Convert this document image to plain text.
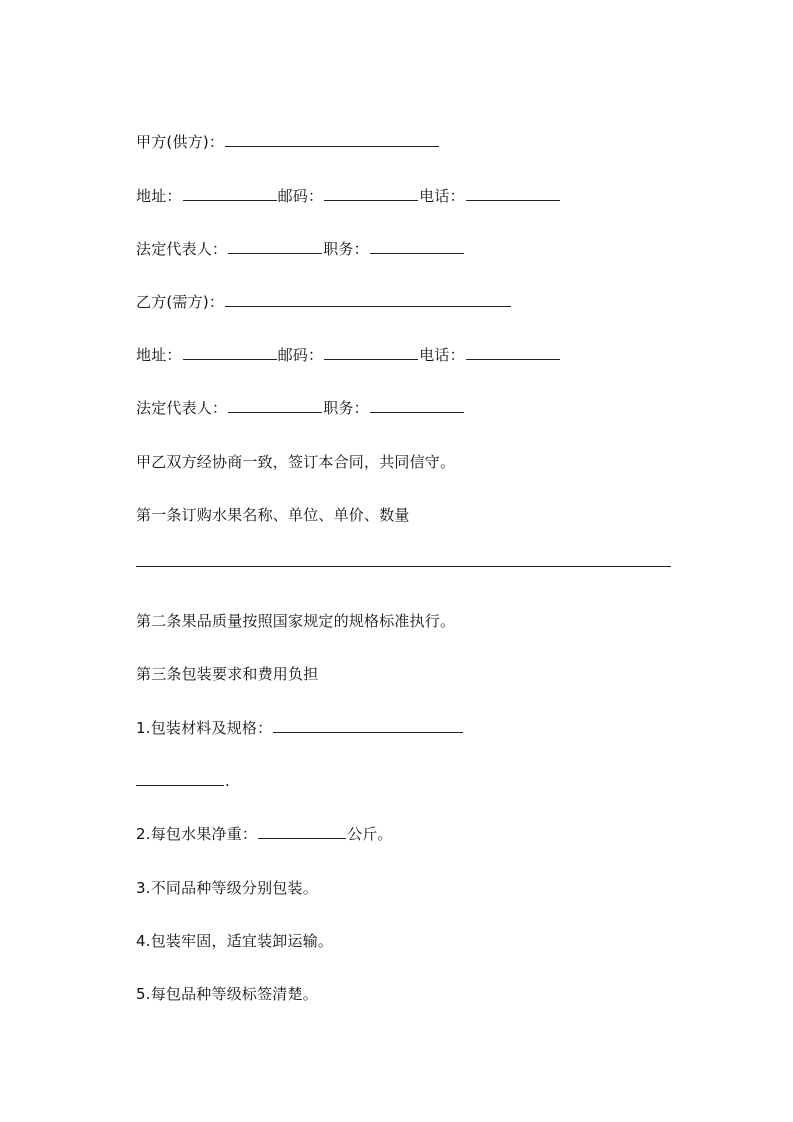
甲方(供方)：
地址：	邮码：	电话：
法定代表人：	职务：
乙方(需方)：
地址：	邮码：	电话：
法定代表人：	职务：
甲乙双方经协商一致，签订本合同，共同信守。
第一条订购水果名称、单位、单价、数量
第二条果品质量按照国家规定的规格标准执行。
第三条包装要求和费用负担
1.包装材料及规格：
.
2.每包水果净重：	公斤。
3.不同品种等级分别包装。
4.包装牢固，适宜装卸运输。
5.每包品种等级标签清楚。
